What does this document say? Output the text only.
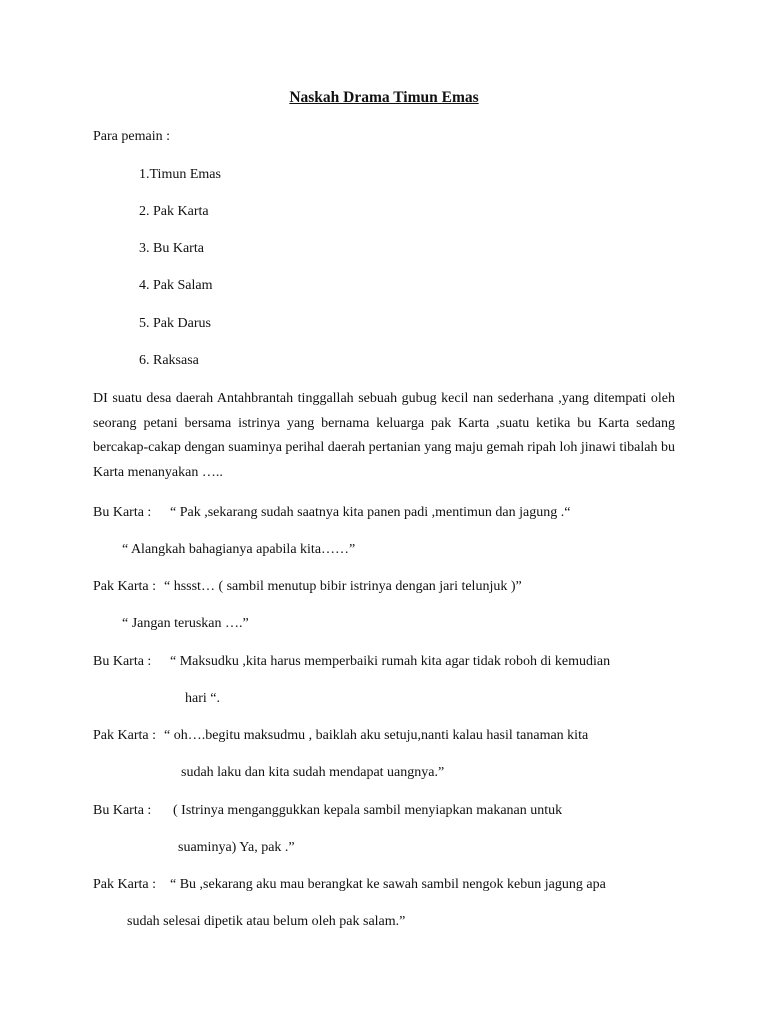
Naskah Drama Timun Emas
Para pemain :
1.Timun Emas
2. Pak Karta
3. Bu Karta
4. Pak Salam
5. Pak Darus
6. Raksasa
DI suatu desa daerah Antahbrantah tinggallah sebuah gubug kecil nan sederhana ,yang ditempati oleh seorang petani bersama istrinya yang bernama keluarga pak Karta ,suatu ketika bu Karta sedang bercakap-cakap dengan suaminya perihal daerah pertanian yang maju gemah ripah loh jinawi tibalah bu Karta menanyakan …..
Bu Karta : “ Pak ,sekarang sudah saatnya kita panen padi ,mentimun dan jagung .“
“ Alangkah bahagianya apabila kita……”
Pak Karta : “ hssst… ( sambil menutup bibir istrinya dengan jari telunjuk )”
“ Jangan teruskan ….”
Bu Karta : “ Maksudku ,kita harus memperbaiki rumah kita agar tidak roboh di kemudian
hari “.
Pak Karta : “ oh….begitu maksudmu , baiklah aku setuju,nanti kalau hasil tanaman kita
sudah laku dan kita sudah mendapat uangnya.”
Bu Karta : ( Istrinya menganggukkan kepala sambil menyiapkan makanan untuk
suaminya) Ya, pak .”
Pak Karta : “ Bu ,sekarang aku mau berangkat ke sawah sambil nengok kebun jagung apa
sudah selesai dipetik atau belum oleh pak salam.”
